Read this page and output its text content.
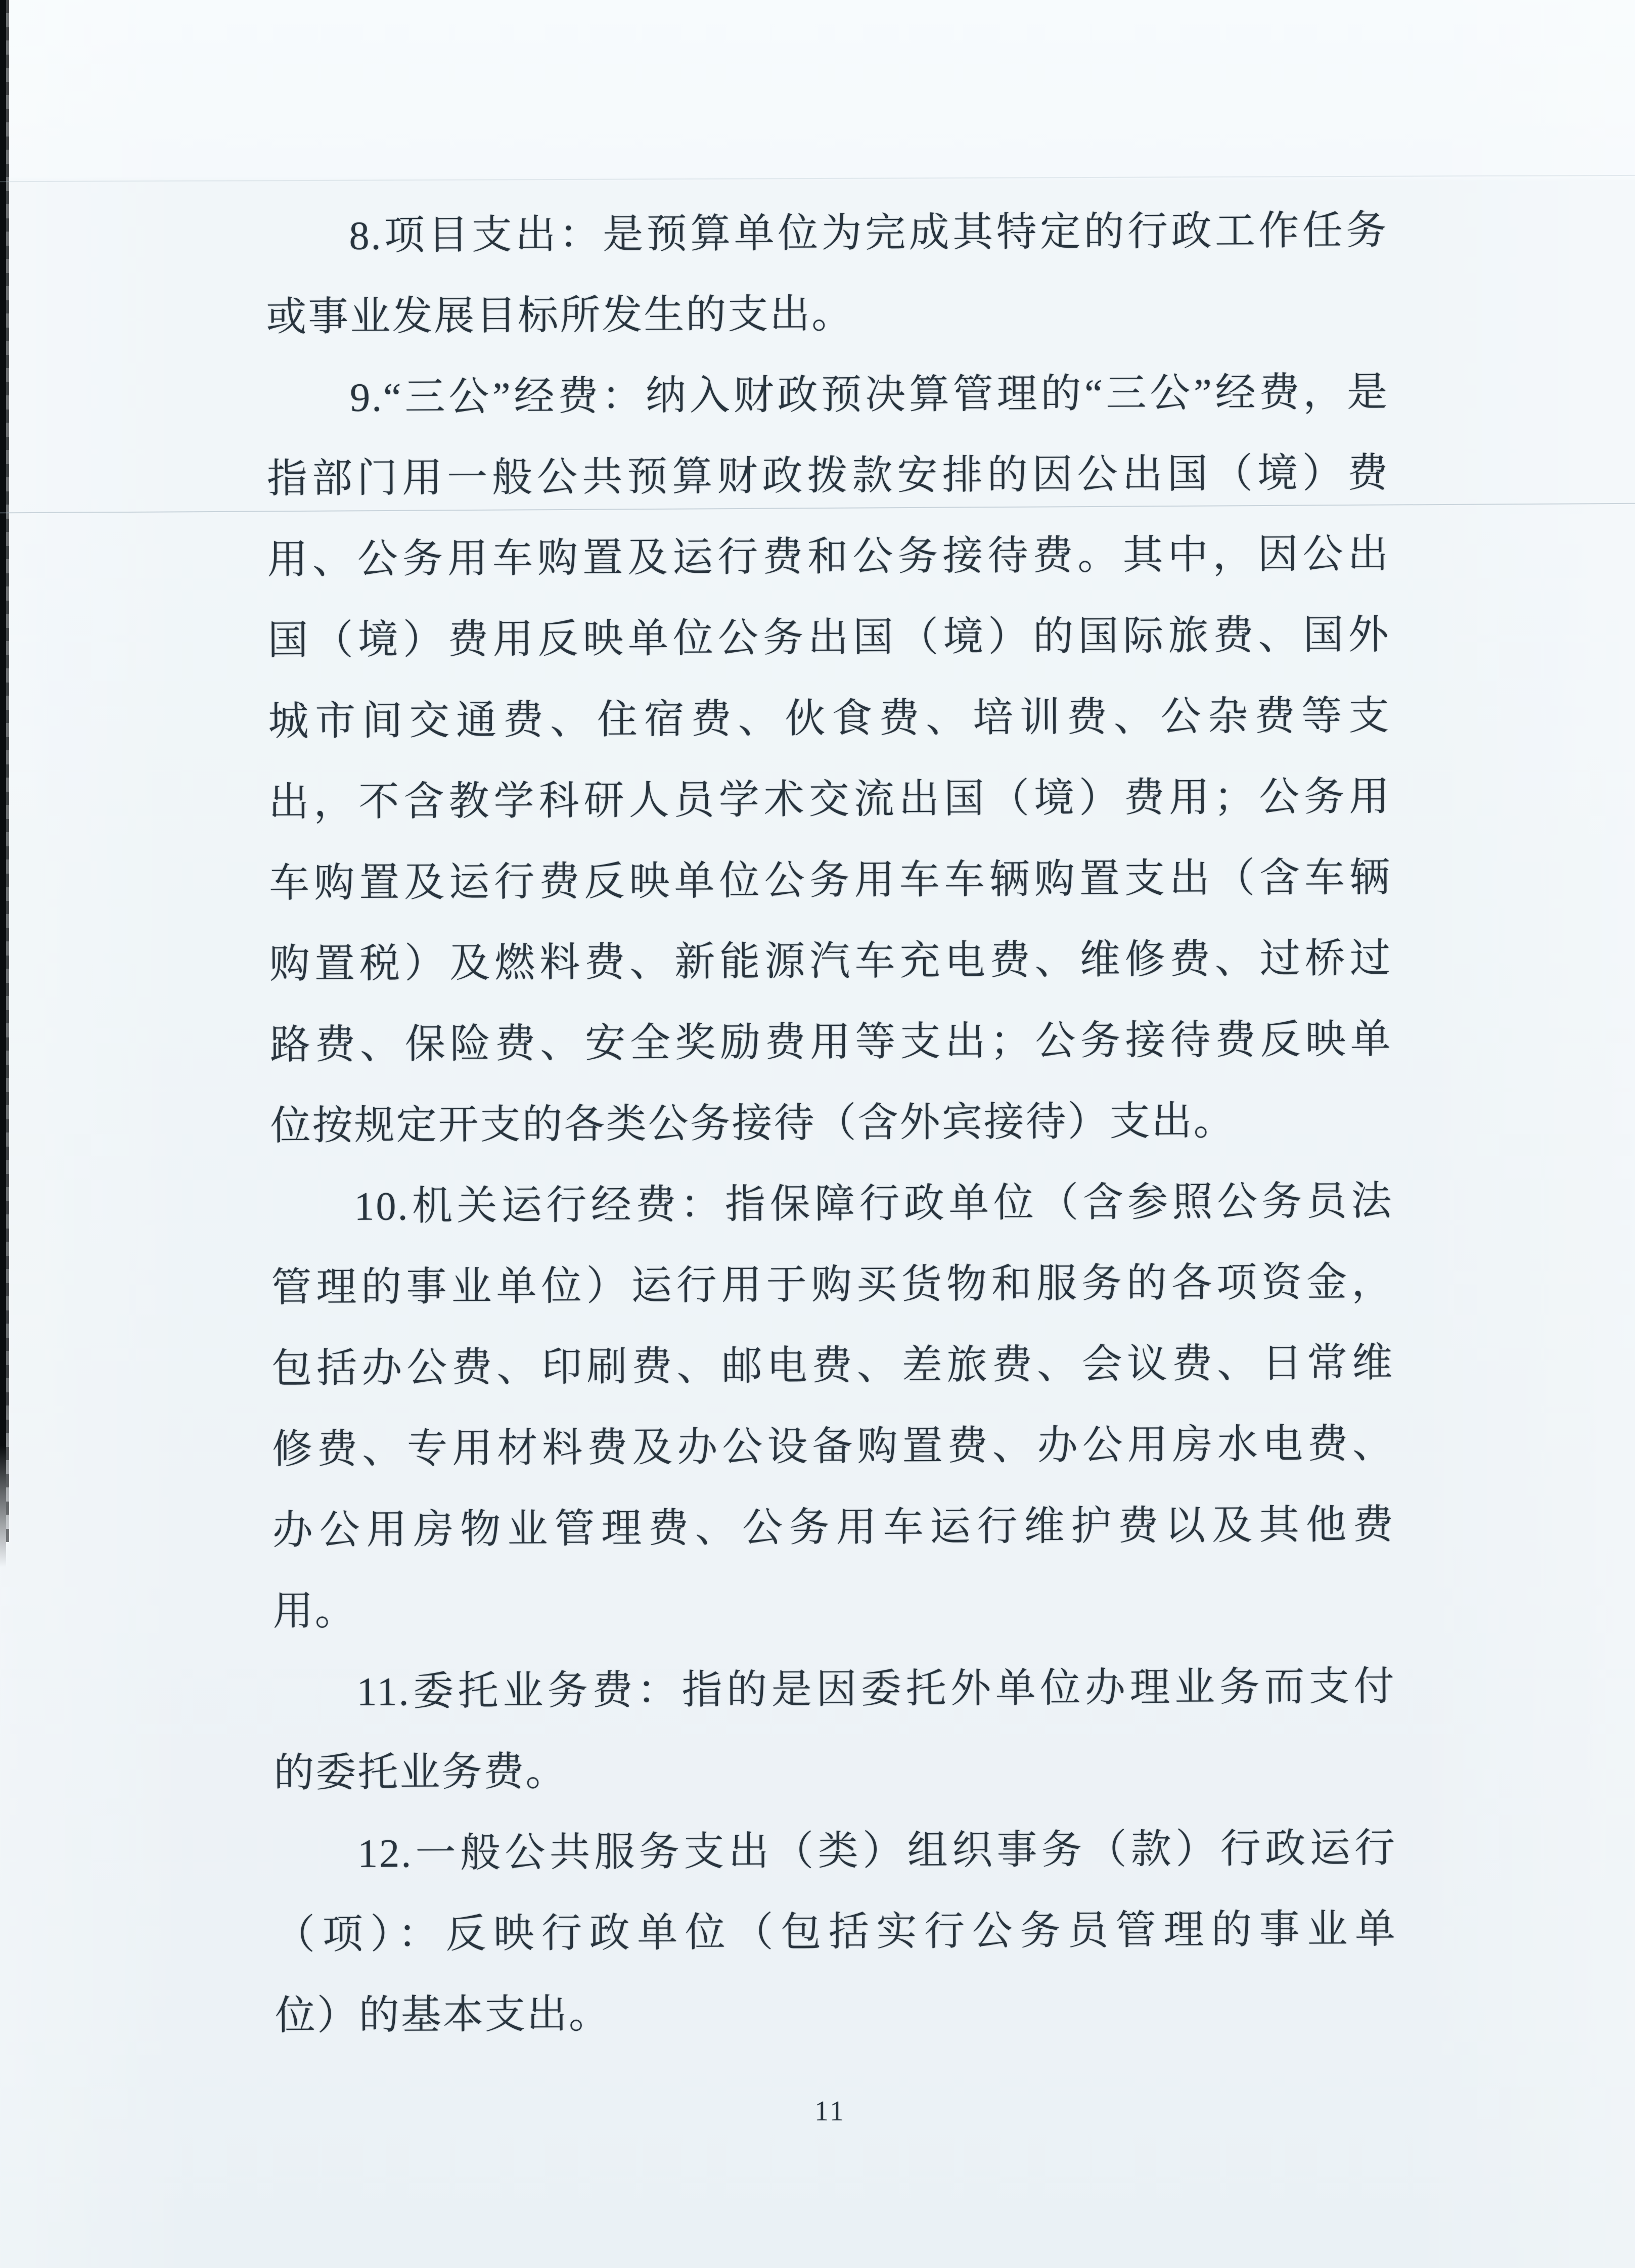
8.项目支出：是预算单位为完成其特定的行政工作任务
或事业发展目标所发生的支出。
9.“三公”经费：纳入财政预决算管理的“三公”经费，是
指部门用一般公共预算财政拨款安排的因公出国（境）费
用、公务用车购置及运行费和公务接待费。其中，因公出
国（境）费用反映单位公务出国（境）的国际旅费、国外
城市间交通费、住宿费、伙食费、培训费、公杂费等支
出，不含教学科研人员学术交流出国（境）费用；公务用
车购置及运行费反映单位公务用车车辆购置支出（含车辆
购置税）及燃料费、新能源汽车充电费、维修费、过桥过
路费、保险费、安全奖励费用等支出；公务接待费反映单
位按规定开支的各类公务接待（含外宾接待）支出。
10.机关运行经费：指保障行政单位（含参照公务员法
管理的事业单位）运行用于购买货物和服务的各项资金，
包括办公费、印刷费、邮电费、差旅费、会议费、日常维
修费、专用材料费及办公设备购置费、办公用房水电费、
办公用房物业管理费、公务用车运行维护费以及其他费
用。
11.委托业务费：指的是因委托外单位办理业务而支付
的委托业务费。
12.一般公共服务支出（类）组织事务（款）行政运行
（项）：反映行政单位（包括实行公务员管理的事业单
位）的基本支出。
11
